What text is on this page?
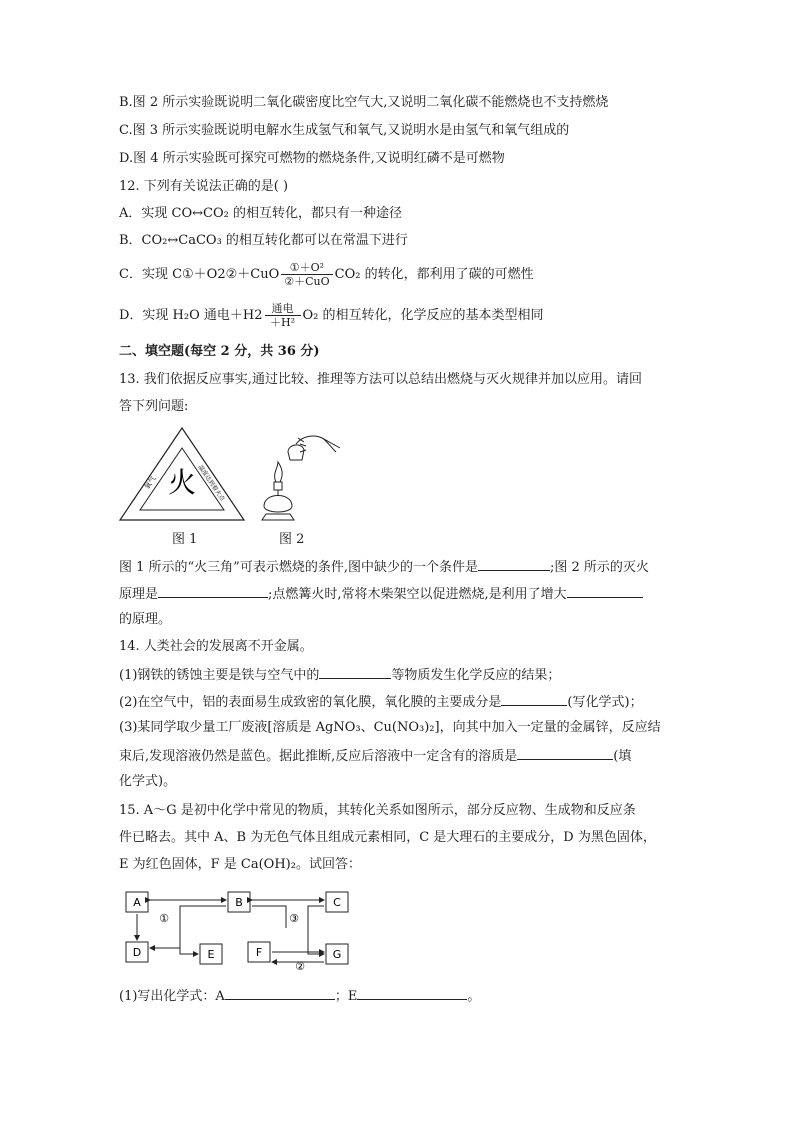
B.图 2 所示实验既说明二氧化碳密度比空气大,又说明二氧化碳不能燃烧也不支持燃烧
C.图 3 所示实验既说明电解水生成氢气和氧气,又说明水是由氢气和氧气组成的
D.图 4 所示实验既可探究可燃物的燃烧条件,又说明红磷不是可燃物
12. 下列有关说法正确的是( )
A．实现 CO↔CO₂ 的相互转化，都只有一种途径
B．CO₂↔CaCO₃ 的相互转化都可以在常温下进行
C．实现 C①＋O2②＋CuO $\frac{\text{①＋O²}}{\text{②＋CuO}} CO_2$ 的转化，都利用了碳的可燃性
D．实现 H₂O 通电$+H2 \frac{\text{通电}}{\text{＋H²}} O_2$ 的相互转化，化学反应的基本类型相同
二、填空题(每空 2 分，共 36 分)
13. 我们依据反应事实,通过比较、推理等方法可以总结出燃烧与灭火规律并加以应用。请回
答下列问题:
火
氧气	温度达到着火点
图 1	图 2
图 1 所示的“火三角”可表示燃烧的条件,图中缺少的一个条件是	;图 2 所示的灭火
原理是	;点燃篝火时,常将木柴架空以促进燃烧,是利用了增大
的原理。
14. 人类社会的发展离不开金属。
(1)钢铁的锈蚀主要是铁与空气中的	等物质发生化学反应的结果；
(2)在空气中，铝的表面易生成致密的氧化膜，氧化膜的主要成分是	(写化学式)；
(3)某同学取少量工厂废液[溶质是 AgNO₃、Cu(NO₃)₂]，向其中加入一定量的金属锌，反应结
束后,发现溶液仍然是蓝色。据此推断,反应后溶液中一定含有的溶质是	(填
化学式)。
15. A～G 是初中化学中常见的物质，其转化关系如图所示，部分反应物、生成物和反应条
件已略去。其中 A、B 为无色气体且组成元素相同，C 是大理石的主要成分，D 为黑色固体，
E 为红色固体，F 是 Ca(OH)₂。试回答：
A	B	C
D	E	F	G
①	③
②
(1)写出化学式：A	；E	。
